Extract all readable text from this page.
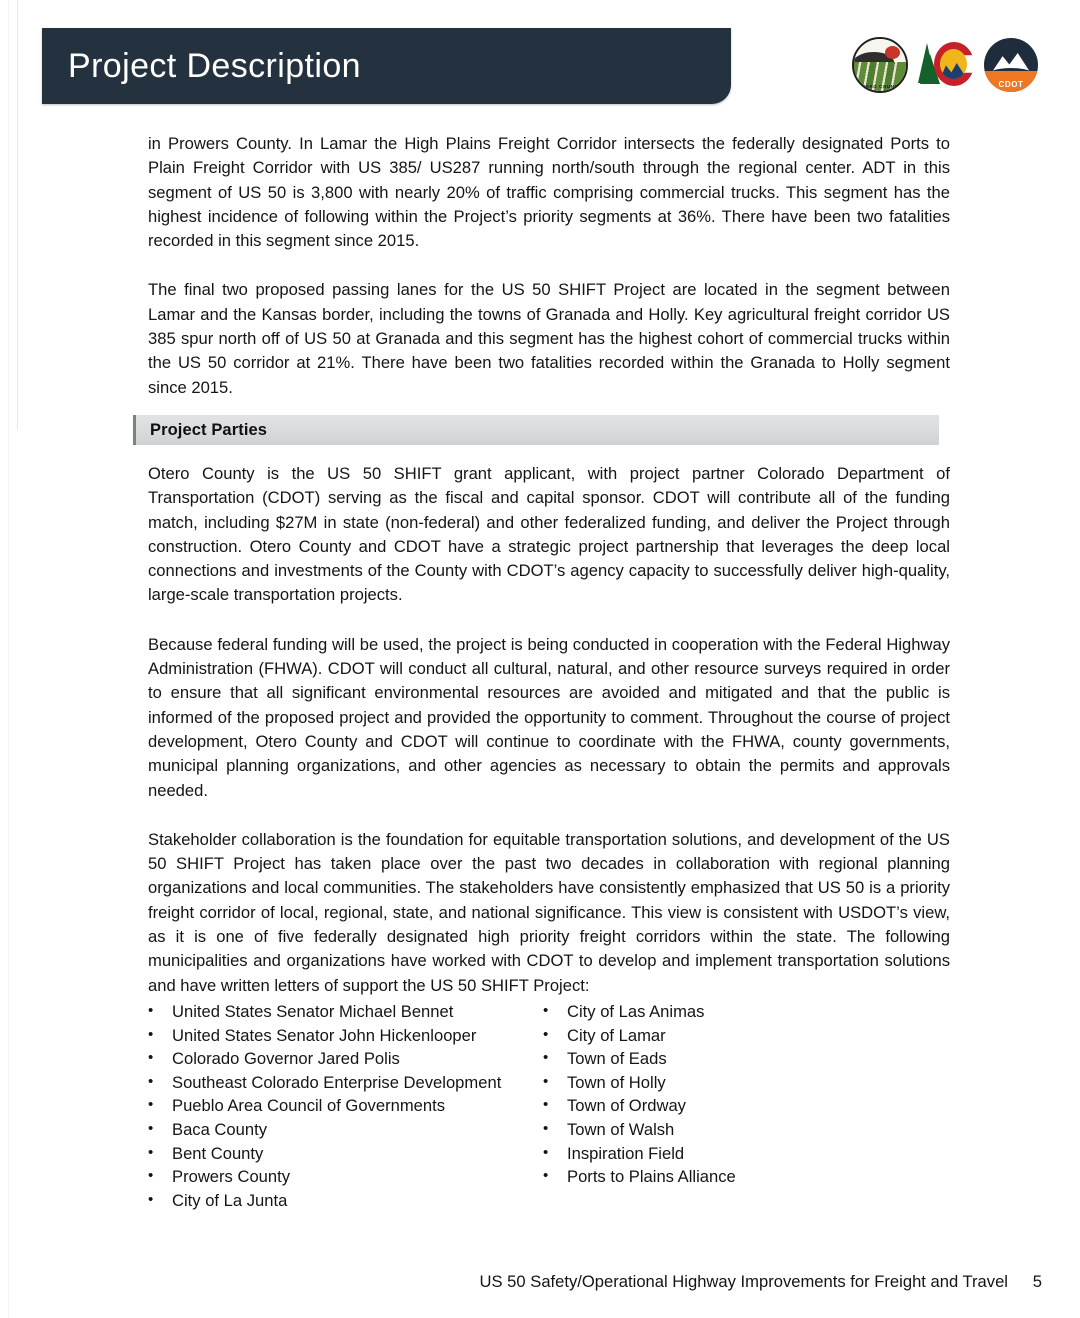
Project Description
OTERO COUNTY	CDOT

in Prowers County. In Lamar the High Plains Freight Corridor intersects the federally designated Ports to Plain Freight Corridor with US 385/ US287 running north/south through the regional center. ADT in this segment of US 50 is 3,800 with nearly 20% of traffic comprising commercial trucks. This segment has the highest incidence of following within the Project’s priority segments at 36%. There have been two fatalities recorded in this segment since 2015.

The final two proposed passing lanes for the US 50 SHIFT Project are located in the segment between Lamar and the Kansas border, including the towns of Granada and Holly. Key agricultural freight corridor US 385 spur north off of US 50 at Granada and this segment has the highest cohort of commercial trucks within the US 50 corridor at 21%. There have been two fatalities recorded within the Granada to Holly segment since 2015.

Project Parties

Otero County is the US 50 SHIFT grant applicant, with project partner Colorado Department of Transportation (CDOT) serving as the fiscal and capital sponsor. CDOT will contribute all of the funding match, including $27M in state (non-federal) and other federalized funding, and deliver the Project through construction. Otero County and CDOT have a strategic project partnership that leverages the deep local connections and investments of the County with CDOT’s agency capacity to successfully deliver high-quality, large-scale transportation projects.

Because federal funding will be used, the project is being conducted in cooperation with the Federal Highway Administration (FHWA). CDOT will conduct all cultural, natural, and other resource surveys required in order to ensure that all significant environmental resources are avoided and mitigated and that the public is informed of the proposed project and provided the opportunity to comment. Throughout the course of project development, Otero County and CDOT will continue to coordinate with the FHWA, county governments, municipal planning organizations, and other agencies as necessary to obtain the permits and approvals needed.

Stakeholder collaboration is the foundation for equitable transportation solutions, and development of the US 50 SHIFT Project has taken place over the past two decades in collaboration with regional planning organizations and local communities. The stakeholders have consistently emphasized that US 50 is a priority freight corridor of local, regional, state, and national significance. This view is consistent with USDOT’s view, as it is one of five federally designated high priority freight corridors within the state. The following municipalities and organizations have worked with CDOT to develop and implement transportation solutions and have written letters of support the US 50 SHIFT Project:

•	United States Senator Michael Bennet
•	United States Senator John Hickenlooper
•	Colorado Governor Jared Polis
•	Southeast Colorado Enterprise Development
•	Pueblo Area Council of Governments
•	Baca County
•	Bent County
•	Prowers County
•	City of La Junta
•	City of Las Animas
•	City of Lamar
•	Town of Eads
•	Town of Holly
•	Town of Ordway
•	Town of Walsh
•	Inspiration Field
•	Ports to Plains Alliance
US 50 Safety/Operational Highway Improvements for Freight and Travel 5
